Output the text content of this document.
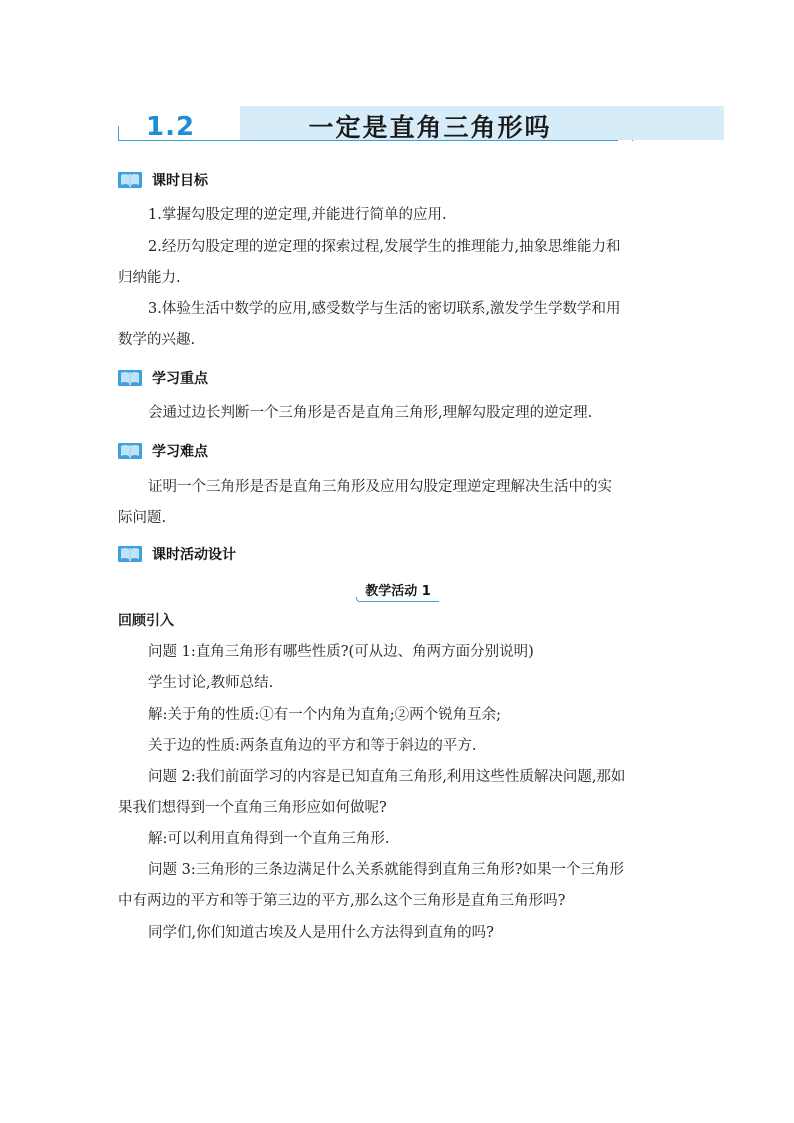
1.2	一定是直角三角形吗
课时目标
1.掌握勾股定理的逆定理,并能进行简单的应用.
2.经历勾股定理的逆定理的探索过程,发展学生的推理能力,抽象思维能力和
归纳能力.
3.体验生活中数学的应用,感受数学与生活的密切联系,激发学生学数学和用
数学的兴趣.
学习重点
会通过边长判断一个三角形是否是直角三角形,理解勾股定理的逆定理.
学习难点
证明一个三角形是否是直角三角形及应用勾股定理逆定理解决生活中的实
际问题.
课时活动设计
教学活动 1
回顾引入
问题 1:直角三角形有哪些性质?(可从边、角两方面分别说明)
学生讨论,教师总结.
解:关于角的性质:①有一个内角为直角;②两个锐角互余;
关于边的性质:两条直角边的平方和等于斜边的平方.
问题 2:我们前面学习的内容是已知直角三角形,利用这些性质解决问题,那如
果我们想得到一个直角三角形应如何做呢?
解:可以利用直角得到一个直角三角形.
问题 3:三角形的三条边满足什么关系就能得到直角三角形?如果一个三角形
中有两边的平方和等于第三边的平方,那么这个三角形是直角三角形吗?
同学们,你们知道古埃及人是用什么方法得到直角的吗?
